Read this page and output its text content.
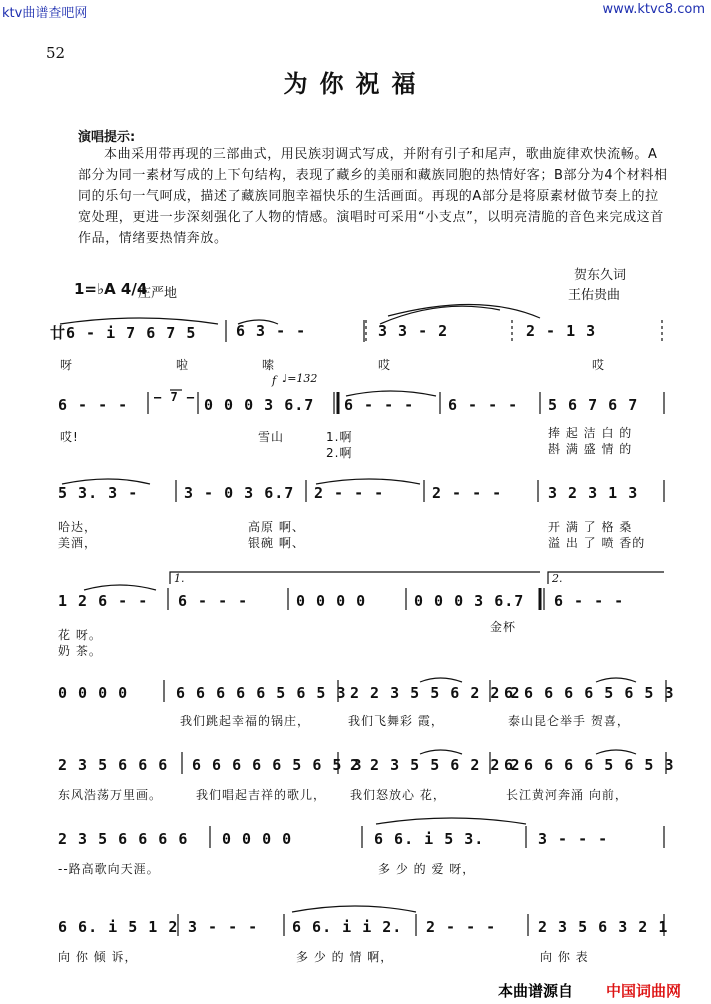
ktv曲谱查吧网	www.ktvc8.com
52
为你祝福
演唱提示:
本曲采用带再现的三部曲式，用民族羽调式写成，并附有引子和尾声，歌曲旋律欢快流畅。A部分为同一素材写成的上下句结构，表现了藏乡的美丽和藏族同胞的热情好客；B部分为4个材料相同的乐句一气呵成，描述了藏族同胞幸福快乐的生活画面。再现的A部分是将原素材做节奏上的拉宽处理，更进一步深刻强化了人物的情感。演唱时可采用“小支点”，以明亮清脆的音色来完成这首作品，情绪要热情奔放。
贺东久词
王佑贵曲
1=♭A 4/4
庄严地
廿6 - i 7 6 7 5	6 3 - -	3 3 - 2	2 - 1 3
呀	啦	嗦	哎	哎
f ♩=132
6 - - - — 7 — 0 0 0 3 6.7 6 - - - 6 - - - 5 6 7 6 7
哎!	雪山	1.啊	捧 起 洁 白 的
2.啊	斟 满 盛 情 的
5 3. 3 -	3 - 0 3 6.7 2 - - -	2 - - -	3 2 3 1 3
哈达，	高原 啊、	开 满 了 格 桑
美酒，	银碗 啊、	溢 出 了 喷 香的
1.	2.
1 2 6 - - 6 - - -	0 0 0 0	0 0 0 3 6.7 6 - - -
花 呀。
金杯
奶 茶。
0 0 0 0	6 6 6 6 6 5 6 5 3 2 2 3 5 5 6 2 2 2
6 6 6 6 6 5 6 5 3
我们跳起幸福的锅庄，	我们飞舞彩 霞，	泰山昆仑举手 贺喜，
2 3 5 6 6 6 6 6 6 6 6 5 6 5 3
2 2 3 5 5 6 2 2 2
6 6 6 6 6 5 6 5 3
东风浩荡万里画。	我们唱起吉祥的歌儿， 我们怒放心 花，	长江黄河奔涌 向前，
2 3 5 6 6 6 6 0 0 0 0	6 6. i 5 3.	3 - - -
--路高歌向天涯。	多 少 的 爱 呀，
6 6. i 5 1 2 3 - - - 6 6. i i 2. 2 - - -	2 3 5 6 3 2 1
向 你 倾 诉，	多 少 的 情 啊，	向 你 表
本曲谱源自 中国词曲网
